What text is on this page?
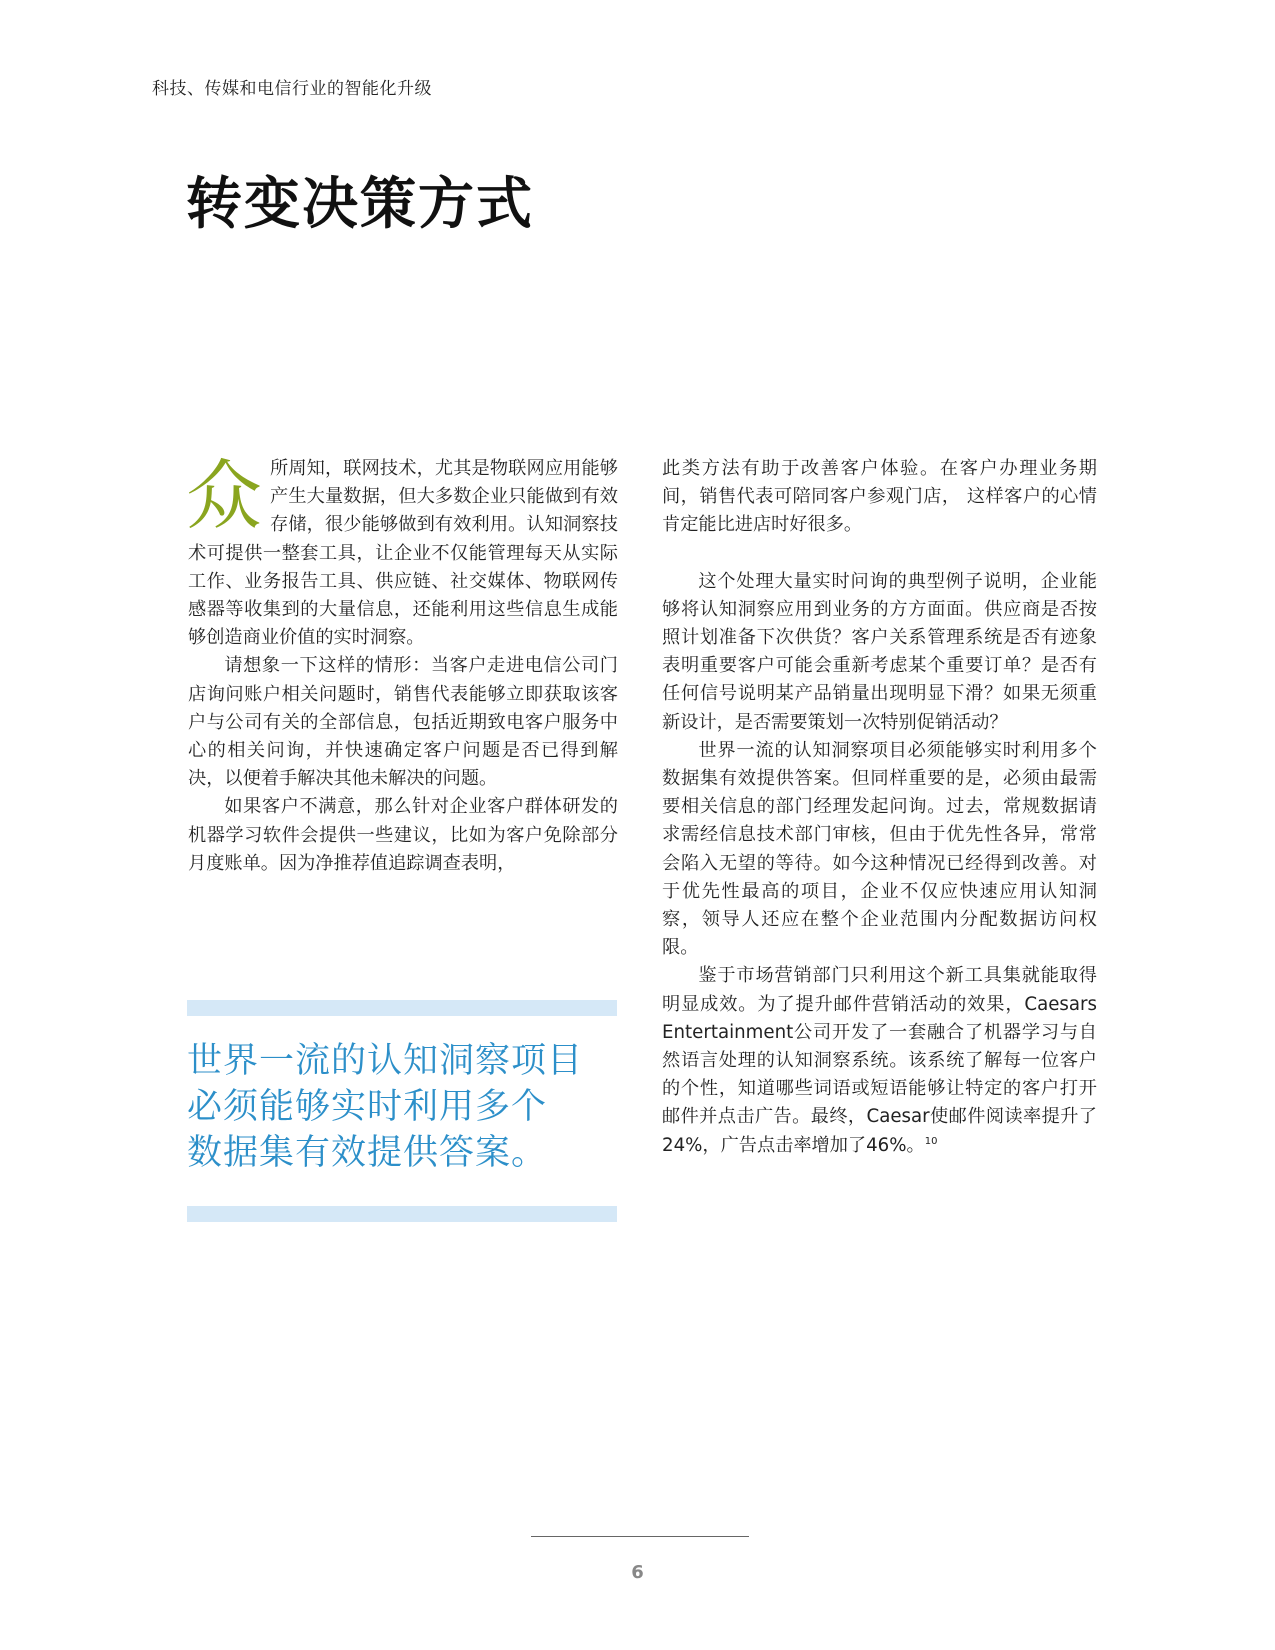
科技、传媒和电信行业的智能化升级
转变决策方式

众所周知，联网技术，尤其是物联网应用能够产生大量数据，但大多数企业只能做到有效存储，很少能够做到有效利用。认知洞察技术可提供一整套工具，让企业不仅能管理每天从实际工作、业务报告工具、供应链、社交媒体、物联网传感器等收集到的大量信息，还能利用这些信息生成能够创造商业价值的实时洞察。

请想象一下这样的情形：当客户走进电信公司门店询问账户相关问题时，销售代表能够立即获取该客户与公司有关的全部信息，包括近期致电客户服务中心的相关问询，并快速确定客户问题是否已得到解决，以便着手解决其他未解决的问题。

如果客户不满意，那么针对企业客户群体研发的机器学习软件会提供一些建议，比如为客户免除部分月度账单。因为净推荐值追踪调查表明，

世界一流的认知洞察项目
必须能够实时利用多个
数据集有效提供答案。

此类方法有助于改善客户体验。在客户办理业务期间，销售代表可陪同客户参观门店， 这样客户的心情肯定能比进店时好很多。

这个处理大量实时问询的典型例子说明，企业能够将认知洞察应用到业务的方方面面。供应商是否按照计划准备下次供货？客户关系管理系统是否有迹象表明重要客户可能会重新考虑某个重要订单？是否有任何信号说明某产品销量出现明显下滑？如果无须重新设计，是否需要策划一次特别促销活动？

世界一流的认知洞察项目必须能够实时利用多个数据集有效提供答案。但同样重要的是，必须由最需要相关信息的部门经理发起问询。过去，常规数据请求需经信息技术部门审核，但由于优先性各异，常常会陷入无望的等待。如今这种情况已经得到改善。对于优先性最高的项目，企业不仅应快速应用认知洞察，领导人还应在整个企业范围内分配数据访问权限。

鉴于市场营销部门只利用这个新工具集就能取得明显成效。为了提升邮件营销活动的效果，Caesars Entertainment公司开发了一套融合了机器学习与自然语言处理的认知洞察系统。该系统了解每一位客户的个性，知道哪些词语或短语能够让特定的客户打开邮件并点击广告。最终，Caesar使邮件阅读率提升了24%，广告点击率增加了46%。$^{10}$

6
